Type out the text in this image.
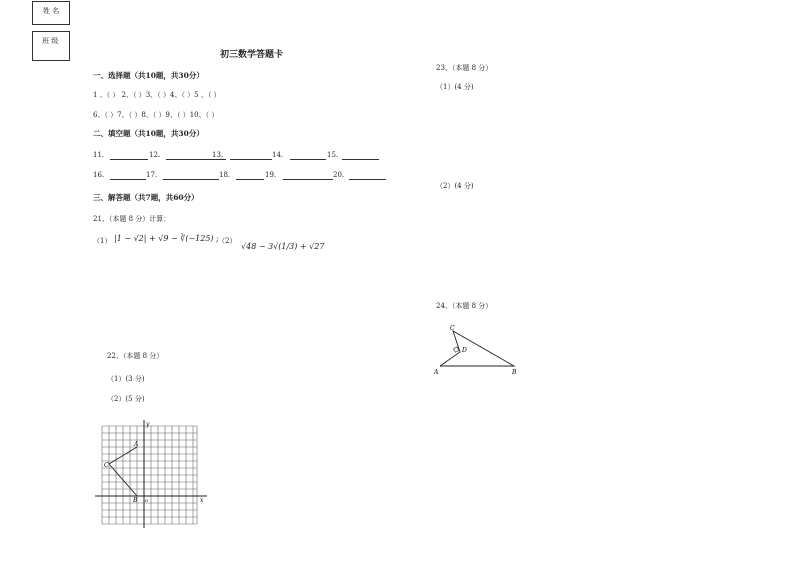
姓 名
班 级
初三数学答题卡
一、选择题（共10题，共30分）
1 、（ ） 2、（ ）3、（ ）4、（ ）5 、（ ）
6、（ ）7、（ ）8、（ ）9、（ ）10、（ ）
二、填空题（共10题，共30分）
11.	12.	13.	14.	15.
16.	17.	18.	19.	20.
三、解答题（共7题，共60分）
21、（本题 8 分）计算：
（1） |1 − √2| + √9 − ∛(−125) ; （2）
√48 − 3√(1/3) + √27
22、（本题 8 分）
（1）(3 分)
（2）(5 分)
y
x
A
B
C
o
23、（本题 8 分）
（1）(4 分)
（2）(4 分)
24、（本题 8 分）
C
D
A	B
